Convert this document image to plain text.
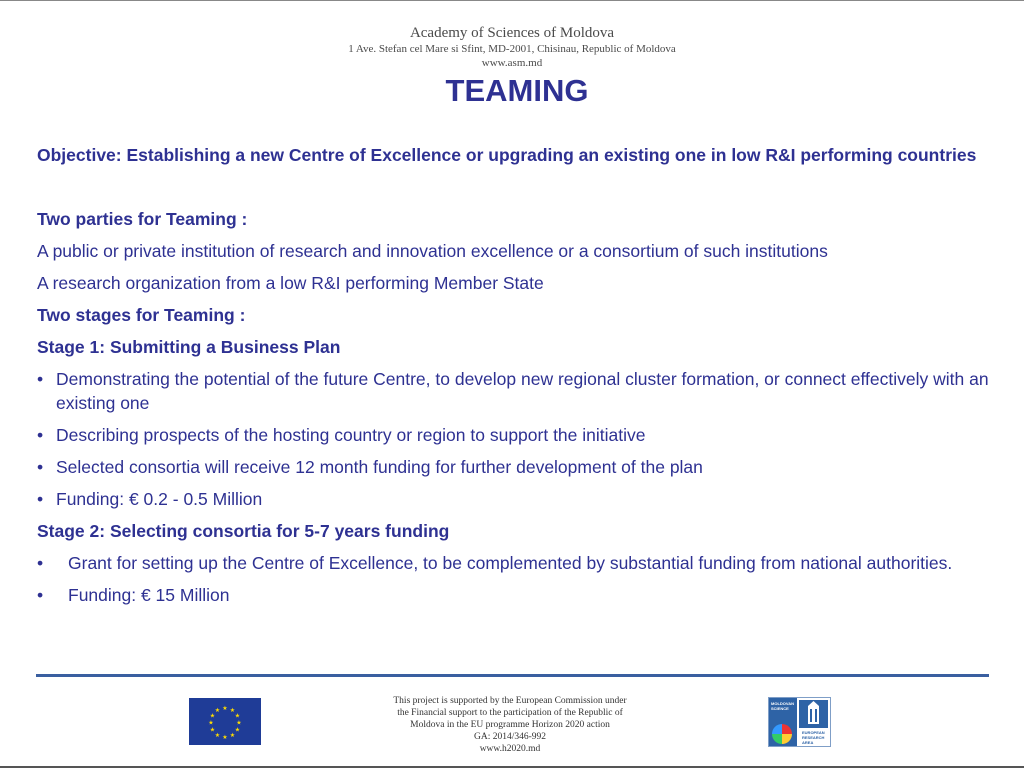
Academy of Sciences of Moldova
1 Ave. Stefan cel Mare si Sfint, MD-2001, Chisinau, Republic of Moldova
www.asm.md
TEAMING

Objective: Establishing a new Centre of Excellence or upgrading an existing one in low R&I performing countries

Two parties for Teaming :

A public or private institution of research and innovation excellence or a consortium of such institutions

A research organization from a low R&I performing Member State

Two stages for Teaming :

Stage 1: Submitting a Business Plan

• Demonstrating the potential of the future Centre, to develop new regional cluster formation, or connect effectively with an existing one

• Describing prospects of the hosting country or region to support the initiative

• Selected consortia will receive 12 month funding for further development of the plan

• Funding: € 0.2 - 0.5 Million

Stage 2: Selecting consortia for 5-7 years funding

• Grant for setting up the Centre of Excellence, to be complemented by substantial funding from national authorities.

• Funding: € 15 Million

★ ★
★
★
★
★
★
★
★
★
★
★
This project is supported by the European Commission under
the Financial support to the participation of the Republic of
Moldova in the EU programme Horizon 2020 action
GA: 2014/346-992
www.h2020.md
MOLDOVAN SCIENCE
EUROPEAN RESEARCH AREA
